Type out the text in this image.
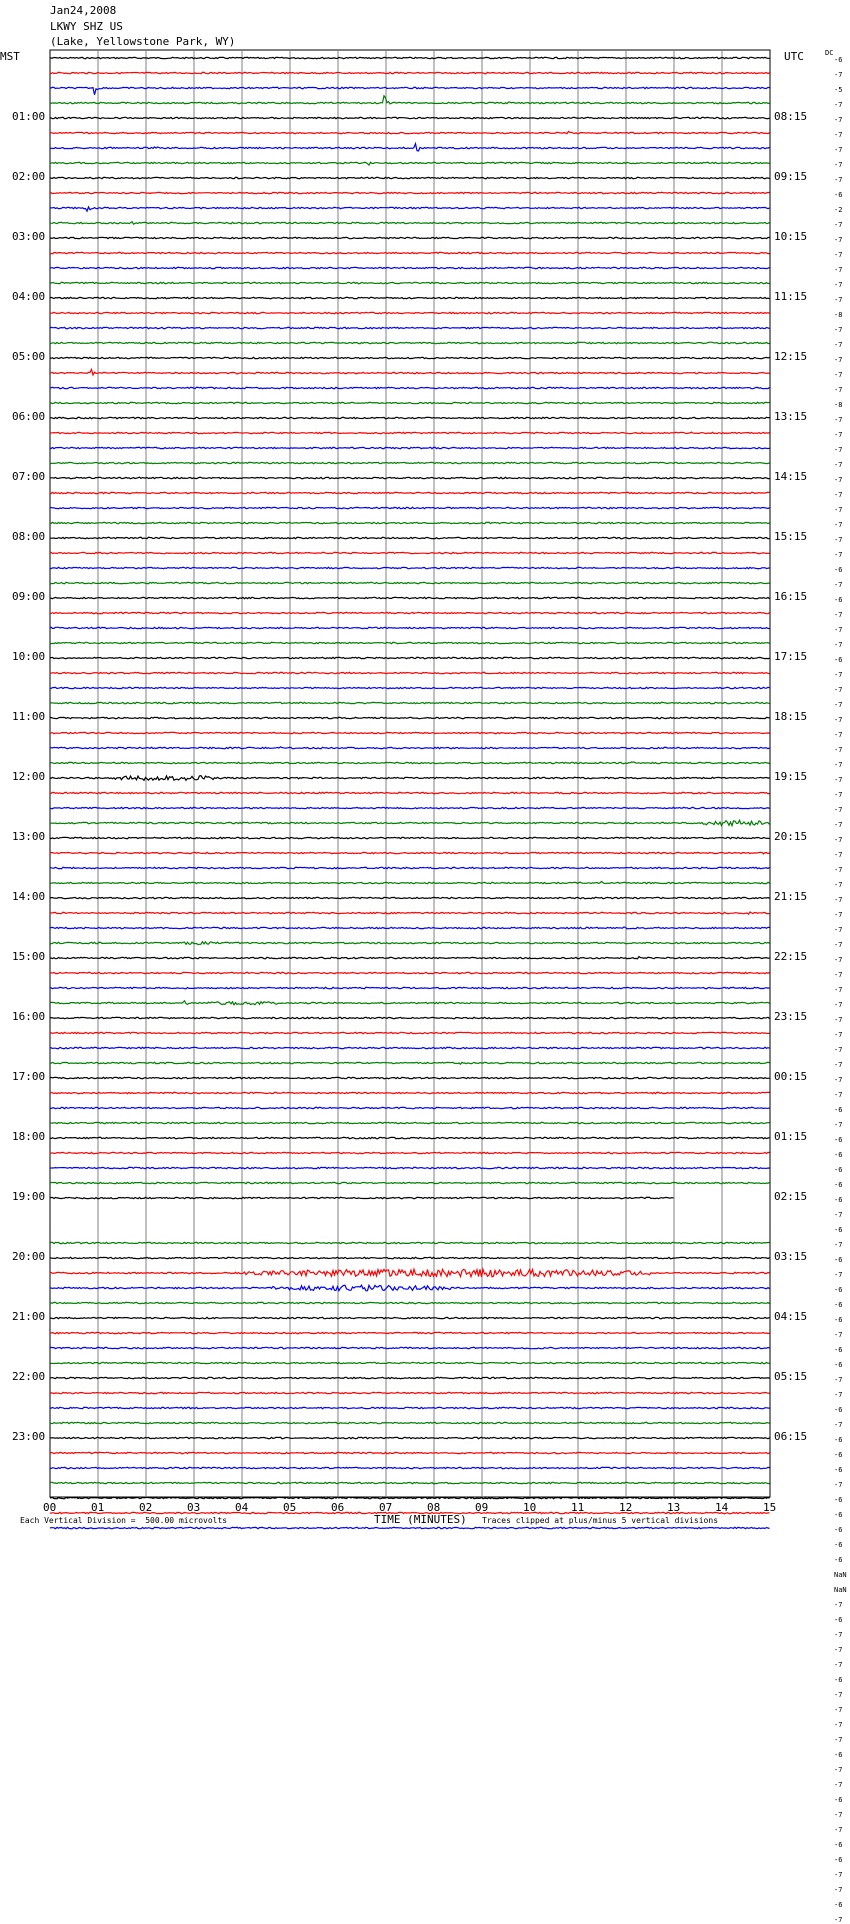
Jan24,2008
LKWY SHZ US
(Lake, Yellowstone Park, WY)
MST	UTC	DC
01:00
02:00
03:00
04:00
05:00
06:00
07:00
08:00
09:00
10:00
11:00
12:00
13:00
14:00
15:00
16:00
17:00
18:00
19:00
20:00
21:00
22:00
23:00
08:15
09:15
10:15
11:15
12:15
13:15
14:15
15:15
16:15
17:15
18:15
19:15
20:15
21:15
22:15
23:15
00:15
01:15
02:15
03:15
04:15
05:15
06:15
-6
-7
-5
-7
-7
-7
-7
-7
-7
-6
-2
-7
-7
-7
-7
-7
-7
-8
-7
-7
-7
-7
-7
-8
-7
-7
-7
-7
-7
-7
-7
-7
-7
-7
-6
-7
-6
-7
-7
-7
-6
-7
-7
-7
-7
-7
-7
-7
-7
-7
-7
-7
-7
-7
-7
-7
-7
-7
-7
-7
-7
-7
-7
-7
-7
-7
-7
-7
-7
-7
-6
-7
-6
-6
-6
-6
-6
-7
-6
-7
-6
-7
-6
-6
-6
-7
-6
-6
-7
-7
-6
-7
-6
-6
-6
-7
-6
-6
-6
-6
-6
NaN
NaN
-7
-6
-7
-7
-7
-6
-7
-7
-7
-7
-6
-7
-7
-6
-7
-7
-6
-6
-7
-7
-6
-7
00	01	02	03	04	05	06	07	08	09	10	11	12	13	14	15
Each Vertical Division =  500.00 microvolts	TIME (MINUTES) Traces clipped at plus/minus 5 vertical divisions
